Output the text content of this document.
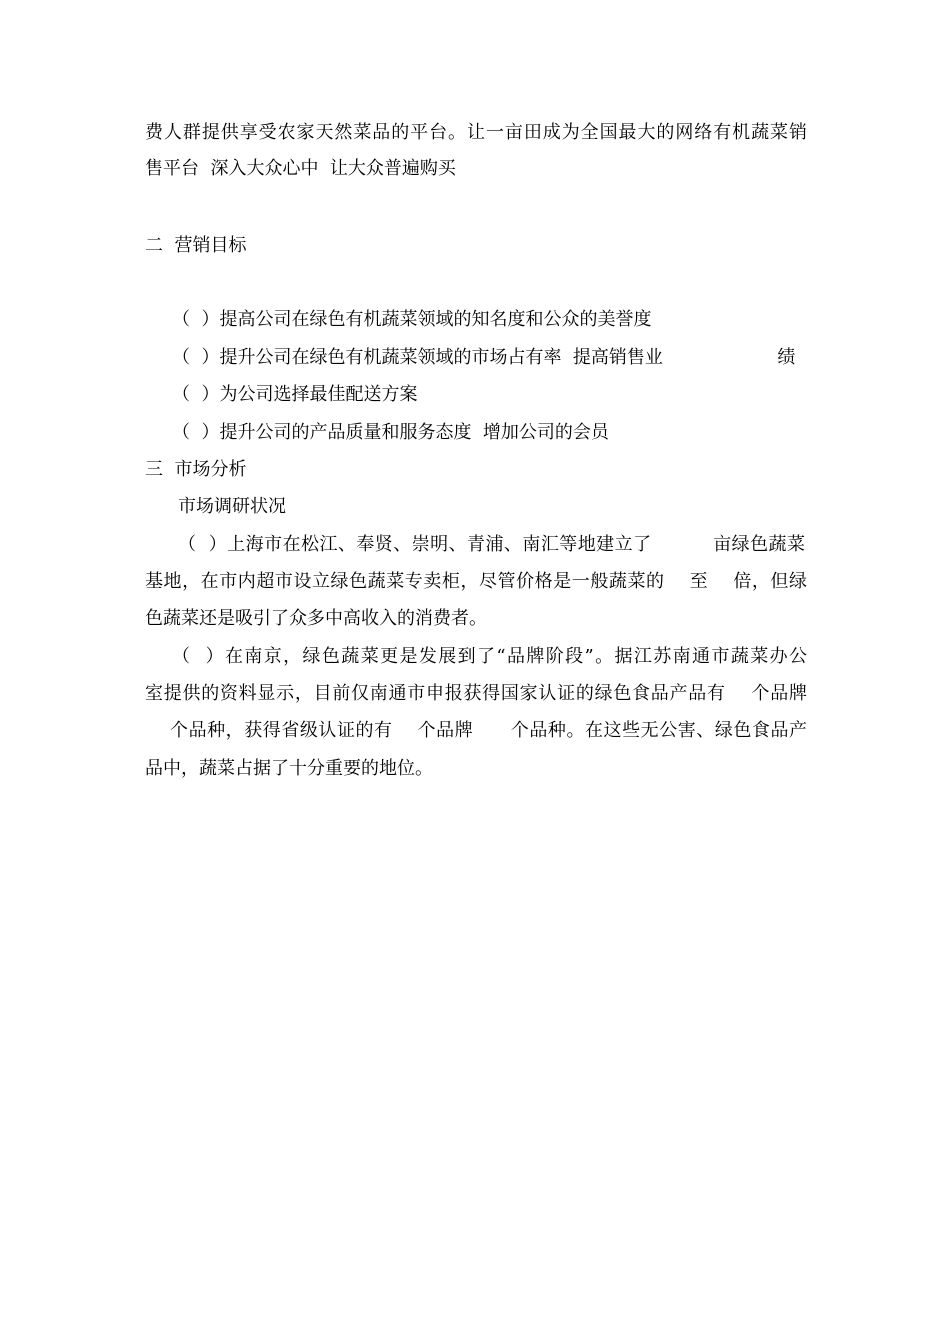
费人群提供享受农家天然菜品的平台。让一亩田成为全国最大的网络有机蔬菜销
售平台  深入大众心中  让大众普遍购买
二  营销目标
（  ）提高公司在绿色有机蔬菜领域的知名度和公众的美誉度
（  ）提升公司在绿色有机蔬菜领域的市场占有率  提高销售业                    绩
（  ）为公司选择最佳配送方案
（  ）提升公司的产品质量和服务态度  增加公司的会员
三  市场分析
市场调研状况
（  ）上海市在松江、奉贤、崇明、青浦、南汇等地建立了          亩绿色蔬菜
基地，在市内超市设立绿色蔬菜专卖柜，尽管价格是一般蔬菜的    至    倍，但绿
色蔬菜还是吸引了众多中高收入的消费者。
（  ）在南京，绿色蔬菜更是发展到了“品牌阶段”。据江苏南通市蔬菜办公
室提供的资料显示，目前仅南通市申报获得国家认证的绿色食品产品有    个品牌
个品种，获得省级认证的有    个品牌      个品种。在这些无公害、绿色食品产
品中，蔬菜占据了十分重要的地位。
